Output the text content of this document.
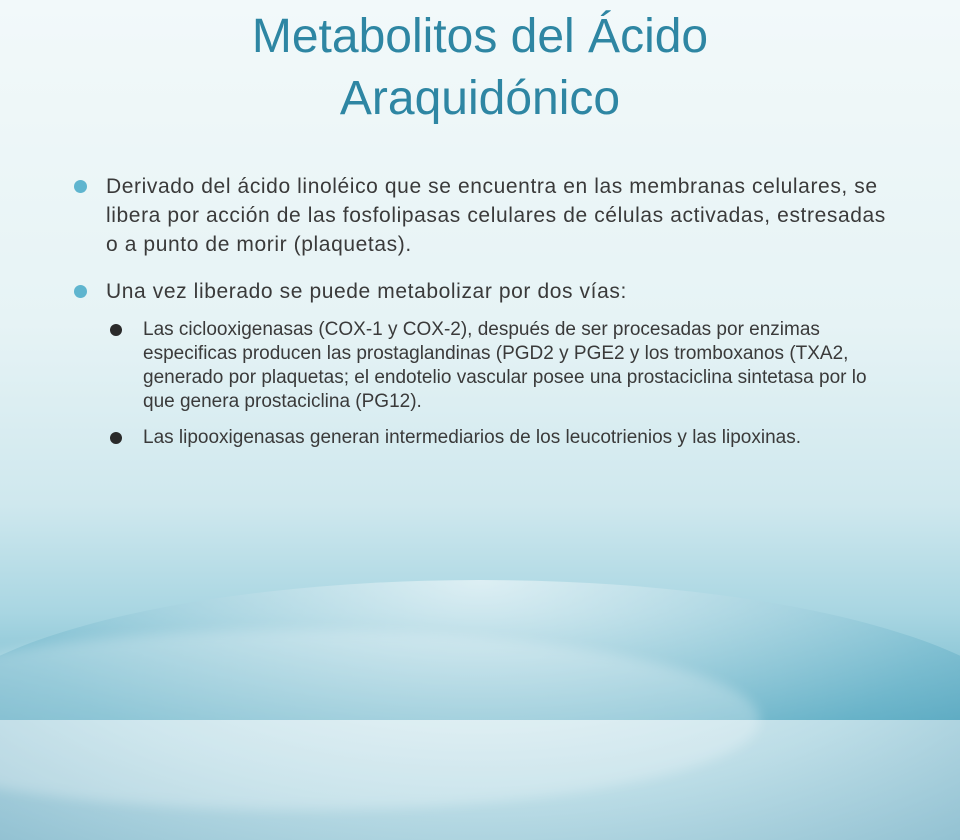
Metabolitos del Ácido
Araquidónico
Derivado del ácido linoléico que se encuentra en las membranas celulares, se libera por acción de las fosfolipasas celulares de células activadas, estresadas o a punto de morir (plaquetas).
Una vez liberado se puede metabolizar por dos vías:
Las ciclooxigenasas (COX-1 y COX-2), después de ser procesadas por enzimas especificas producen las prostaglandinas (PGD2 y PGE2 y los tromboxanos (TXA2, generado por plaquetas; el endotelio vascular posee una prostaciclina sintetasa por lo que genera prostaciclina (PG12).
Las lipooxigenasas generan intermediarios de los leucotrienios y las lipoxinas.
